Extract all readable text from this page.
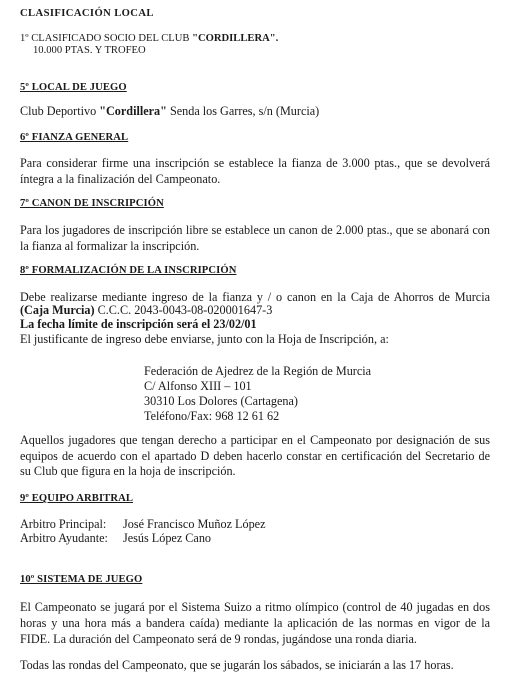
CLASIFICACIÓN LOCAL
1º CLASIFICADO SOCIO DEL CLUB "CORDILLERA".
10.000 PTAS. Y TROFEO
5º LOCAL DE JUEGO
Club Deportivo "Cordillera" Senda los Garres, s/n (Murcia)
6º FIANZA GENERAL
Para considerar firme una inscripción se establece la fianza de 3.000 ptas., que se devolverá íntegra a la finalización del Campeonato.
7º CANON DE INSCRIPCIÓN
Para los jugadores de inscripción libre se establece un canon de 2.000 ptas., que se abonará con la fianza al formalizar la inscripción.
8º FORMALIZACIÓN DE LA INSCRIPCIÓN
Debe realizarse mediante ingreso de la fianza y / o canon en la Caja de Ahorros de Murcia
(Caja Murcia) C.C.C. 2043-0043-08-020001647-3
La fecha límite de inscripción será el 23/02/01
El justificante de ingreso debe enviarse, junto con la Hoja de Inscripción, a:
Federación de Ajedrez de la Región de Murcia
C/ Alfonso XIII – 101
30310 Los Dolores (Cartagena)
Teléfono/Fax: 968 12 61 62
Aquellos jugadores que tengan derecho a participar en el Campeonato por designación de sus equipos de acuerdo con el apartado D deben hacerlo constar en certificación del Secretario de su Club que figura en la hoja de inscripción.
9º EQUIPO ARBITRAL
Arbitro Principal: José Francisco Muñoz López
Arbitro Ayudante: Jesús López Cano
10º SISTEMA DE JUEGO
El Campeonato se jugará por el Sistema Suizo a ritmo olímpico (control de 40 jugadas en dos horas y una hora más a bandera caída) mediante la aplicación de las normas en vigor de la FIDE. La duración del Campeonato será de 9 rondas, jugándose una ronda diaria.
Todas las rondas del Campeonato, que se jugarán los sábados, se iniciarán a las 17 horas.
